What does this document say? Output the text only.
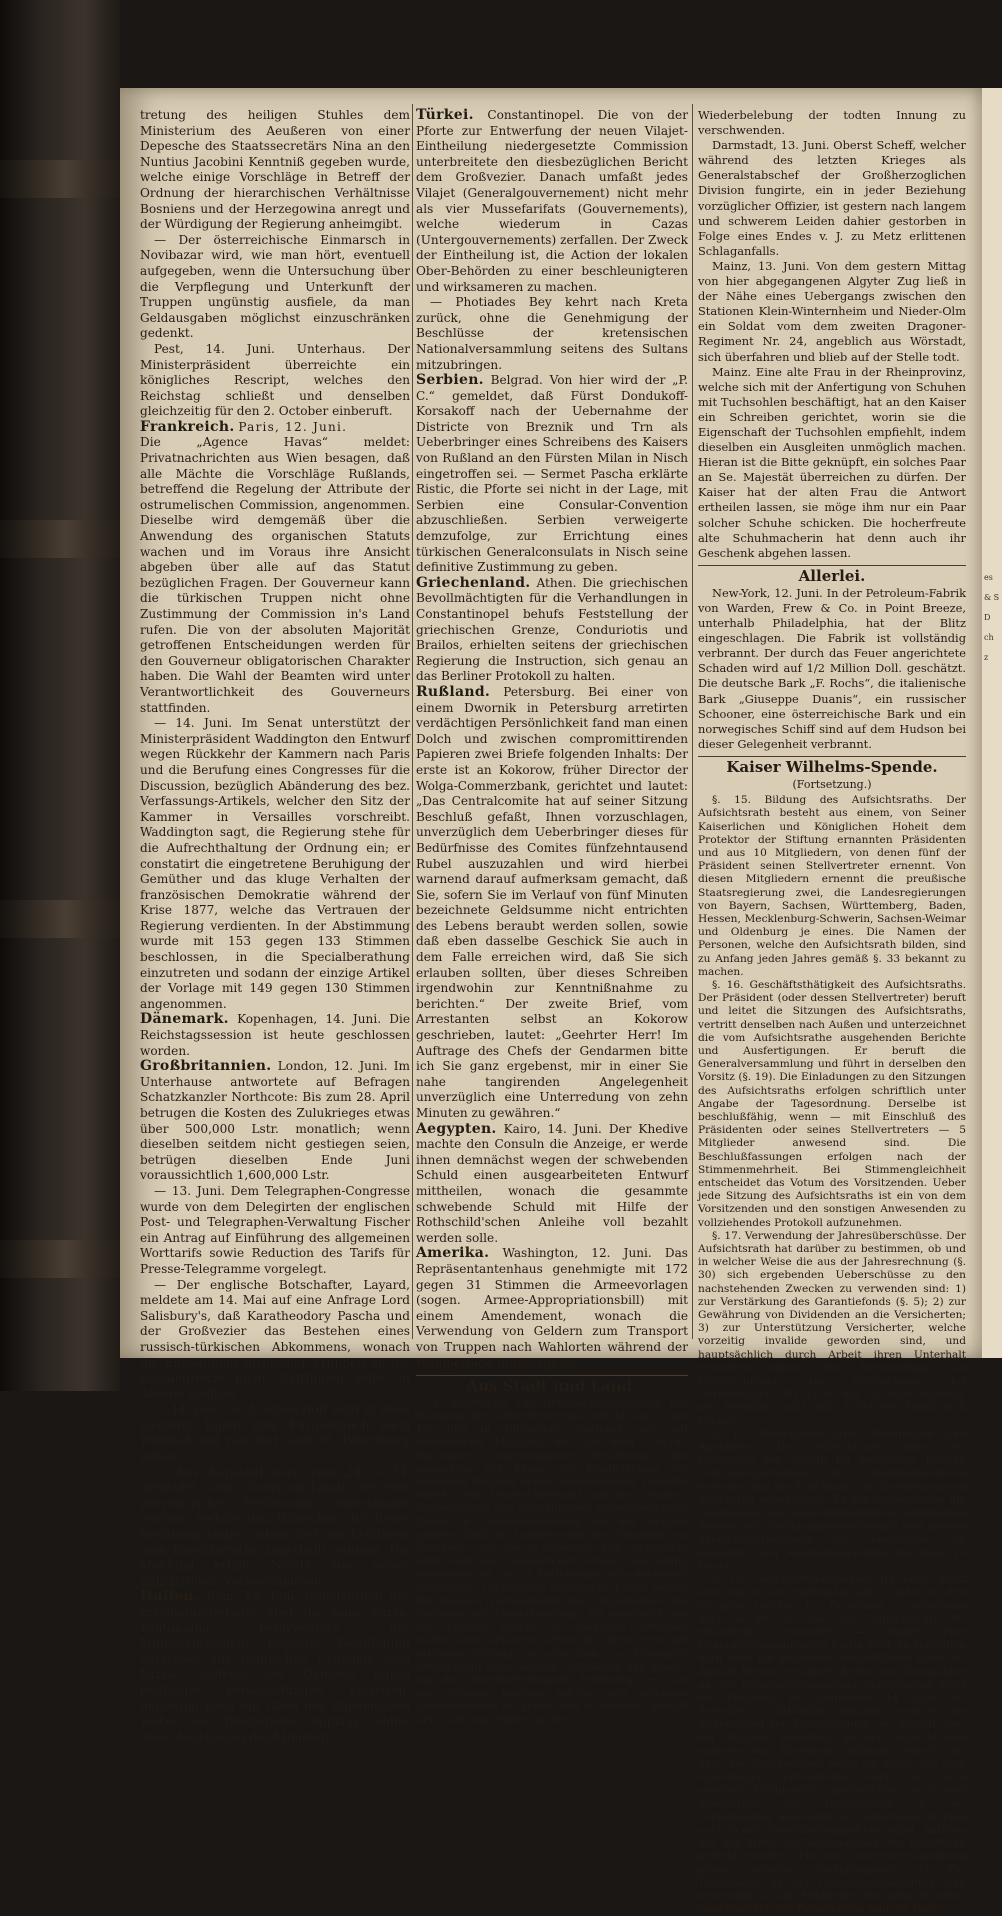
tretung des heiligen Stuhles dem Ministerium des Aeußeren von einer Depesche des Staatssecretärs Nina an den Nuntius Jacobini Kenntniß gegeben wurde, welche einige Vorschläge in Betreff der Ordnung der hierarchischen Verhältnisse Bosniens und der Herzegowina anregt und der Würdigung der Regierung anheimgibt.

— Der österreichische Einmarsch in Novibazar wird, wie man hört, eventuell aufgegeben, wenn die Untersuchung über die Verpflegung und Unterkunft der Truppen ungünstig ausfiele, da man Geldausgaben möglichst einzuschränken gedenkt.

Pest, 14. Juni. Unterhaus. Der Ministerpräsident überreichte ein königliches Rescript, welches den Reichstag schließt und denselben gleichzeitig für den 2. October einberuft.

Frankreich. Paris, 12. Juni.

Die „Agence Havas“ meldet: Privatnachrichten aus Wien besagen, daß alle Mächte die Vorschläge Rußlands, betreffend die Regelung der Attribute der ostrumelischen Commission, angenommen. Dieselbe wird demgemäß über die Anwendung des organischen Statuts wachen und im Voraus ihre Ansicht abgeben über alle auf das Statut bezüglichen Fragen. Der Gouverneur kann die türkischen Truppen nicht ohne Zustimmung der Commission in's Land rufen. Die von der absoluten Majorität getroffenen Entscheidungen werden für den Gouverneur obligatorischen Charakter haben. Die Wahl der Beamten wird unter Verantwortlichkeit des Gouverneurs stattfinden.

— 14. Juni. Im Senat unterstützt der Ministerpräsident Waddington den Entwurf wegen Rückkehr der Kammern nach Paris und die Berufung eines Congresses für die Discussion, bezüglich Abänderung des bez. Verfassungs-Artikels, welcher den Sitz der Kammer in Versailles vorschreibt. Waddington sagt, die Regierung stehe für die Aufrechthaltung der Ordnung ein; er constatirt die eingetretene Beruhigung der Gemüther und das kluge Verhalten der französischen Demokratie während der Krise 1877, welche das Vertrauen der Regierung verdienten. In der Abstimmung wurde mit 153 gegen 133 Stimmen beschlossen, in die Specialberathung einzutreten und sodann der einzige Artikel der Vorlage mit 149 gegen 130 Stimmen angenommen.

Dänemark. Kopenhagen, 14. Juni. Die Reichstagssession ist heute geschlossen worden.

Großbritannien. London, 12. Juni. Im Unterhause antwortete auf Befragen Schatzkanzler Northcote: Bis zum 28. April betrugen die Kosten des Zulukrieges etwas über 500,000 Lstr. monatlich; wenn dieselben seitdem nicht gestiegen seien, betrügen dieselben Ende Juni voraussichtlich 1,600,000 Lstr.

— 13. Juni. Dem Telegraphen-Congresse wurde von dem Delegirten der englischen Post- und Telegraphen-Verwaltung Fischer ein Antrag auf Einführung des allgemeinen Worttarifs sowie Reduction des Tarifs für Presse-Telegramme vorgelegt.

— Der englische Botschafter, Layard, meldete am 14. Mai auf eine Anfrage Lord Salisbury's, daß Karatheodory Pascha und der Großvezier das Bestehen eines russisch-türkischen Abkommens, wonach die Entsendung türkischer Truppen an die Balkangrenze nicht stattfinden solle, in Abrede stellten.

— 14. Juni. Graf Schuwaloff wird in etwa vierzehn Tagen zum Kurgebrauch nach Wildbad und von dort nach St. Petersburg gehen.

— Aus Kapstadt wird vom 24. v. M. gemeldet, dem Transvaal-Lande sei eine provisorische Verfassung zugestanden worden, welche den Wünschen der Boers Rechnung trage, indem drei der Letzteren dem Executivrathe zugetheilt würden. Die Meldung erhält Nichts von neuen militärischen Vorkommnissen.

Italien. Rom, 13. Juni. Gelegentlich der Eisenbahn-Debatte über die Linie Nizza-Ventimiglia befürwortete der Ministerpräsident Depretis Bewilligung derselben aus politischen Gründen, weil Nizza, obgleich der Dynastie durch politische Verwickelungen entrissen, immerhin noch ein Glied des italienischen Volkes sei. Donnernder Applaus lohnte diese Auslassung des Ministers.

Türkei. Constantinopel. Die von der Pforte zur Entwerfung der neuen Vilajet-Eintheilung niedergesetzte Commission unterbreitete den diesbezüglichen Bericht dem Großvezier. Danach umfaßt jedes Vilajet (Generalgouvernement) nicht mehr als vier Mussefarifats (Gouvernements), welche wiederum in Cazas (Untergouvernements) zerfallen. Der Zweck der Eintheilung ist, die Action der lokalen Ober-Behörden zu einer beschleunigteren und wirksameren zu machen.

— Photiades Bey kehrt nach Kreta zurück, ohne die Genehmigung der Beschlüsse der kretensischen Nationalversammlung seitens des Sultans mitzubringen.

Serbien. Belgrad. Von hier wird der „P. C.“ gemeldet, daß Fürst Dondukoff-Korsakoff nach der Uebernahme der Districte von Breznik und Trn als Ueberbringer eines Schreibens des Kaisers von Rußland an den Fürsten Milan in Nisch eingetroffen sei. — Sermet Pascha erklärte Ristic, die Pforte sei nicht in der Lage, mit Serbien eine Consular-Convention abzuschließen. Serbien verweigerte demzufolge, zur Errichtung eines türkischen Generalconsulats in Nisch seine definitive Zustimmung zu geben.

Griechenland. Athen. Die griechischen Bevollmächtigten für die Verhandlungen in Constantinopel behufs Feststellung der griechischen Grenze, Conduriotis und Brailos, erhielten seitens der griechischen Regierung die Instruction, sich genau an das Berliner Protokoll zu halten.

Rußland. Petersburg. Bei einer von einem Dwornik in Petersburg arretirten verdächtigen Persönlichkeit fand man einen Dolch und zwischen compromittirenden Papieren zwei Briefe folgenden Inhalts: Der erste ist an Kokorow, früher Director der Wolga-Commerzbank, gerichtet und lautet: „Das Centralcomite hat auf seiner Sitzung Beschluß gefaßt, Ihnen vorzuschlagen, unverzüglich dem Ueberbringer dieses für Bedürfnisse des Comites fünfzehntausend Rubel auszuzahlen und wird hierbei warnend darauf aufmerksam gemacht, daß Sie, sofern Sie im Verlauf von fünf Minuten bezeichnete Geldsumme nicht entrichten des Lebens beraubt werden sollen, sowie daß eben dasselbe Geschick Sie auch in dem Falle erreichen wird, daß Sie sich erlauben sollten, über dieses Schreiben irgendwohin zur Kenntnißnahme zu berichten.“ Der zweite Brief, vom Arrestanten selbst an Kokorow geschrieben, lautet: „Geehrter Herr! Im Auftrage des Chefs der Gendarmen bitte ich Sie ganz ergebenst, mir in einer Sie nahe tangirenden Angelegenheit unverzüglich eine Unterredung von zehn Minuten zu gewähren.“

Aegypten. Kairo, 14. Juni. Der Khedive machte den Consuln die Anzeige, er werde ihnen demnächst wegen der schwebenden Schuld einen ausgearbeiteten Entwurf mittheilen, wonach die gesammte schwebende Schuld mit Hilfe der Rothschild'schen Anleihe voll bezahlt werden solle.

Amerika. Washington, 12. Juni. Das Repräsentantenhaus genehmigte mit 172 gegen 31 Stimmen die Armeevorlagen (sogen. Armee-Appropriationsbill) mit einem Amendement, wonach die Verwendung von Geldern zum Transport von Truppen nach Wahlorten während der Wahlperiode untersagt ist.

Aus Stadt und Land.

-r.- Friedberg. Die General-Versammlung des Nassauischen Gewerbevereins, welche am 9. und 10. Juni in Dillenburg stattfand, hat mit bedeutender Majorität die von dem Central-Vorstande vorgeschlagene Resolution, die gegenüber der Frage der Neubelebung der Innungen Stellung nimmt, angenommen. Dieselbe lautet: „der Central-Vorstand und die General-Versammlung des Nassauischen Gewerbe-Vereins finden in Uebereinstimmung mit der weitaus größten Zahl der Lokalvereine die Gründung von Innungen, wie sie in neuester Zeit angestrebt wird und im Osnabrücker Statut Gestaltung gewonnen hat, nur in Verbindung nahe gelegener verwandter Ortschaften ausführbar, halten jedoch für unseren Vereinsbezirk die Organisation des Nassauischen Gewerbevereins für genügend, um alle Zwecke, welche die Innungen erreichen sollen, und theilweise selbst als diese, weil mit größeren Mitteln, zu erreichen.“ — Einsender dieses theilt diese Ansicht vollständig und glaubt, daß die Gewerbetreibenden Friedberg's es sich zur Aufgabe machen sollten, den lebenden Gewerbeverein zu heben und zu fördern, anstatt Zeit, Geld und Mühe für die

Wiederbelebung der todten Innung zu verschwenden.

Darmstadt, 13. Juni. Oberst Scheff, welcher während des letzten Krieges als Generalstabschef der Großherzoglichen Division fungirte, ein in jeder Beziehung vorzüglicher Offizier, ist gestern nach langem und schwerem Leiden dahier gestorben in Folge eines Endes v. J. zu Metz erlittenen Schlaganfalls.

Mainz, 13. Juni. Von dem gestern Mittag von hier abgegangenen Algyter Zug ließ in der Nähe eines Uebergangs zwischen den Stationen Klein-Winternheim und Nieder-Olm ein Soldat vom dem zweiten Dragoner-Regiment Nr. 24, angeblich aus Wörstadt, sich überfahren und blieb auf der Stelle todt.

Mainz. Eine alte Frau in der Rheinprovinz, welche sich mit der Anfertigung von Schuhen mit Tuchsohlen beschäftigt, hat an den Kaiser ein Schreiben gerichtet, worin sie die Eigenschaft der Tuchsohlen empfiehlt, indem dieselben ein Ausgleiten unmöglich machen. Hieran ist die Bitte geknüpft, ein solches Paar an Se. Majestät überreichen zu dürfen. Der Kaiser hat der alten Frau die Antwort ertheilen lassen, sie möge ihm nur ein Paar solcher Schuhe schicken. Die hocherfreute alte Schuhmacherin hat denn auch ihr Geschenk abgehen lassen.

Allerlei.

New-York, 12. Juni. In der Petroleum-Fabrik von Warden, Frew & Co. in Point Breeze, unterhalb Philadelphia, hat der Blitz eingeschlagen. Die Fabrik ist vollständig verbrannt. Der durch das Feuer angerichtete Schaden wird auf 1/2 Million Doll. geschätzt. Die deutsche Bark „F. Rochs“, die italienische Bark „Giuseppe Duanis“, ein russischer Schooner, eine österreichische Bark und ein norwegisches Schiff sind auf dem Hudson bei dieser Gelegenheit verbrannt.

Kaiser Wilhelms-Spende.

(Fortsetzung.)

§. 15. Bildung des Aufsichtsraths. Der Aufsichtsrath besteht aus einem, von Seiner Kaiserlichen und Königlichen Hoheit dem Protektor der Stiftung ernannten Präsidenten und aus 10 Mitgliedern, von denen fünf der Präsident seinen Stellvertreter ernennt. Von diesen Mitgliedern ernennt die preußische Staatsregierung zwei, die Landesregierungen von Bayern, Sachsen, Württemberg, Baden, Hessen, Mecklenburg-Schwerin, Sachsen-Weimar und Oldenburg je eines. Die Namen der Personen, welche den Aufsichtsrath bilden, sind zu Anfang jeden Jahres gemäß §. 33 bekannt zu machen.

§. 16. Geschäftsthätigkeit des Aufsichtsraths. Der Präsident (oder dessen Stellvertreter) beruft und leitet die Sitzungen des Aufsichtsraths, vertritt denselben nach Außen und unterzeichnet die vom Aufsichtsrathe ausgehenden Berichte und Ausfertigungen. Er beruft die Generalversammlung und führt in derselben den Vorsitz (§. 19). Die Einladungen zu den Sitzungen des Aufsichtsraths erfolgen schriftlich unter Angabe der Tagesordnung. Derselbe ist beschlußfähig, wenn — mit Einschluß des Präsidenten oder seines Stellvertreters — 5 Mitglieder anwesend sind. Die Beschlußfassungen erfolgen nach der Stimmenmehrheit. Bei Stimmengleichheit entscheidet das Votum des Vorsitzenden. Ueber jede Sitzung des Aufsichtsraths ist ein von dem Vorsitzenden und den sonstigen Anwesenden zu vollziehendes Protokoll aufzunehmen.

§. 17. Verwendung der Jahresüberschüsse. Der Aufsichtsrath hat darüber zu bestimmen, ob und in welcher Weise die aus der Jahresrechnung (§. 30) sich ergebenden Ueberschüsse zu den nachstehenden Zwecken zu verwenden sind: 1) zur Verstärkung des Garantiefonds (§. 5); 2) zur Gewährung von Dividenden an die Versicherten; 3) zur Unterstützung Versicherter, welche vorzeitig invalide geworden sind, und hauptsächlich durch Arbeit ihren Unterhalt erworben haben. Die Verwendung von Ueberschüssen zur Verstärkung des Garantiefonds (Nr. 1) ist nur so lange zulässig, als derselbe nicht auf 5,000,000 Mark sich beläuft.

§. 18. Bezirksdirectoren, Rezepturen und Agenturen. Der Aufsichtsrath kann zur Förderung der Anstalt für bestimmte Bezirke Vertrauenspersonen zu Bezirksdirectoren bestellen und die Errichtung von Rezepturen und Agenturen genehmigen. Er hat vorzugsweise die Gewinnung von Gemeindebehörden, öffentlichen Sparkassen, Eisenbahnverwaltungen und großen Arbeitsunternehmern zur Uebernahme von Rezeptur- und Agenturgeschäften ins Auge zu fassen.

§. 19. Generalversammlung. Im Jahre 1882 und von da ab regelmäßig alle 3 Jahre in den Monaten October bis December — außerdem aber so oft, als dies der Aufsichtsrath für erforderlich erachtet — findet eine Generalversammlung in Berlin statt. In derselben wird über die gesammte geschäftliche Lage der Anstalt Bericht erstattet. Jedem zur Theilnahme an der Generalversammlung Berechtigten steht die Befugniß zu, spätestens 14 Tage vor derselben schriftliche Anträge, welche die Abänderung von Einrichtungen der Anstalt oder der Statuten betreffen, an den Aufsichtsrath einzureichen. Dieselben gelangen jedoch nur dann zur Verhandlung, wenn sie außer von dem eigentlichen Antragsteller, noch von neun anderen Mitgliedern unterzeichnet sind und mindestens der Antragsteller in der Versammlung anwesend ist. Außerdem können auch in der Generalversammlung selbst, Anträge aus der Mitte der Versammlung zur Berathung gestellt werden. Für die Generalversammlung gelten folgende Bestimmungen: 1) Zur Theilnahme an der Generalversammlung sind berechtigt: a. alle Mitglieder des Aufsichtsraths, einschließlich des Präsidenten, und die Direc-

es
& S
D
ch
z
